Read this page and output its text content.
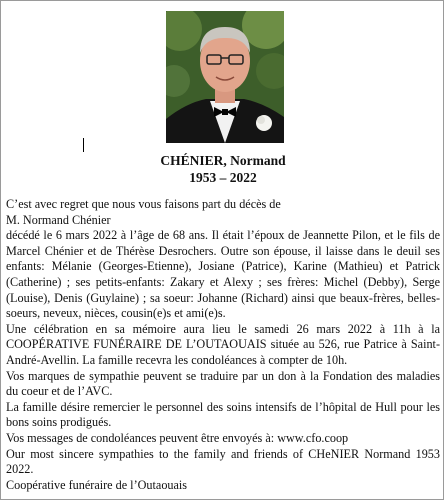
CHÉNIER, Normand
1953 – 2022

C’est avec regret que nous vous faisons part du décès de

M. Normand Chénier

décédé le 6 mars 2022 à l’âge de 68 ans. Il était l’époux de Jeannette Pilon, et le fils de Marcel Chénier et de Thérèse Desrochers. Outre son épouse, il laisse dans le deuil ses enfants: Mélanie (Georges-Etienne), Josiane (Patrice), Karine (Mathieu) et Patrick (Catherine) ; ses petits-enfants: Zakary et Alexy ; ses frères: Michel (Debby), Serge (Louise), Denis (Guylaine) ; sa soeur: Johanne (Richard) ainsi que beaux-frères, belles-soeurs, neveux, nièces, cousin(e)s et ami(e)s.

Une célébration en sa mémoire aura lieu le samedi 26 mars 2022 à 11h à la COOPÉRATIVE FUNÉRAIRE DE L’OUTAOUAIS située au 526, rue Patrice à Saint-André-Avellin. La famille recevra les condoléances à compter de 10h.

Vos marques de sympathie peuvent se traduire par un don à la Fondation des maladies du coeur et de l’AVC.

La famille désire remercier le personnel des soins intensifs de l’hôpital de Hull pour les bons soins prodigués.

Vos messages de condoléances peuvent être envoyés à: www.cfo.coop

Our most sincere sympathies to the family and friends of CHeNIER Normand 1953 2022.

Coopérative funéraire de l’Outaouais
